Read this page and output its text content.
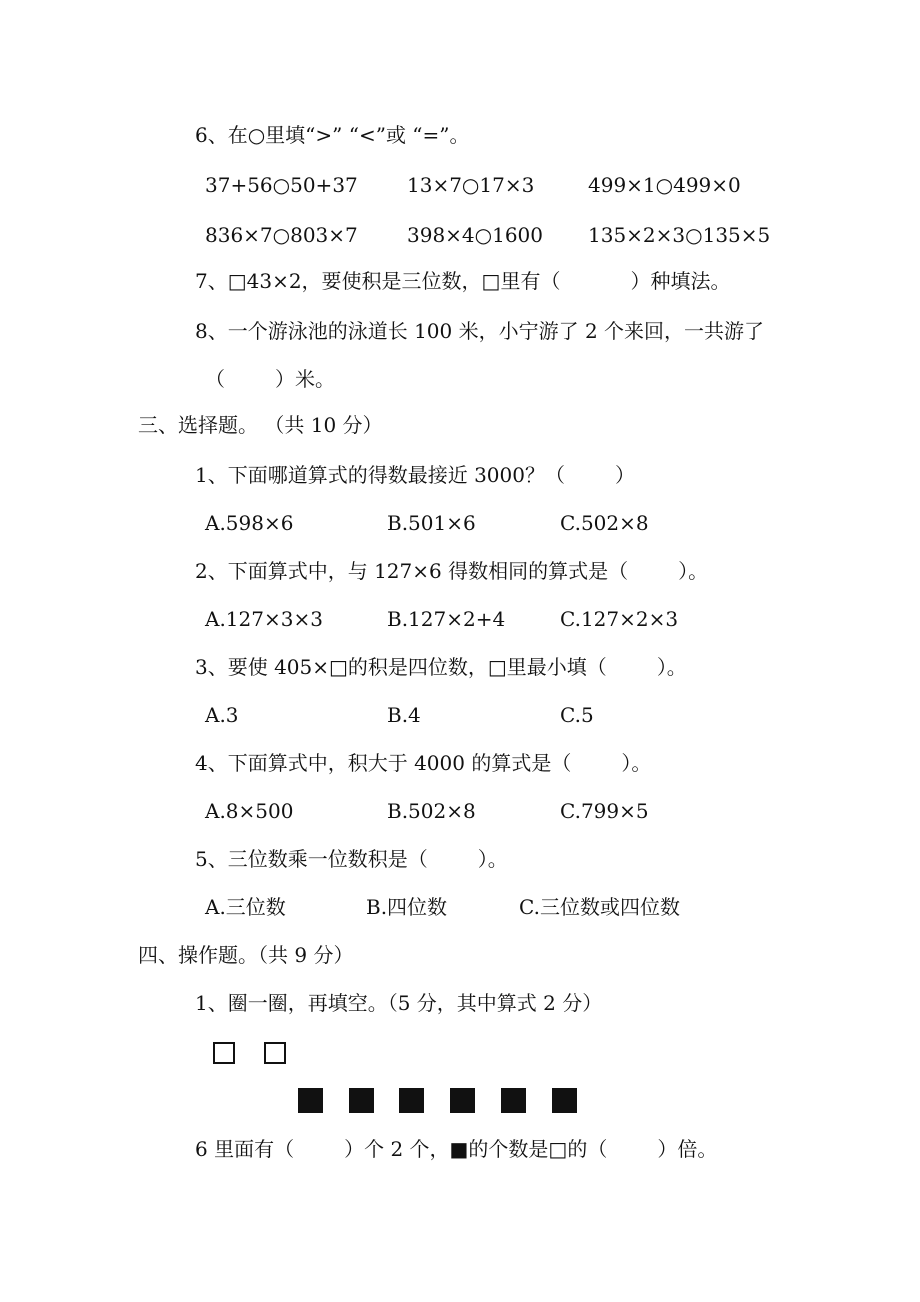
6、在○里填“>” “<”或 “=”。
37+56○50+37 13×7○17×3	499×1○499×0
836×7○803×7 398×4○1600 135×2×3○135×5
7、□43×2，要使积是三位数，□里有（	）种填法。
8、一个游泳池的泳道长 100 米，小宁游了 2 个来回，一共游了
（	）米。
三、选择题。 （共 10 分）
1、下面哪道算式的得数最接近 3000？（	）
A.598×6	B.501×6	C.502×8
2、下面算式中，与 127×6 得数相同的算式是（	）。
A.127×3×3	B.127×2+4	C.127×2×3
3、要使 405×□的积是四位数，□里最小填（	）。
A.3	B.4	C.5
4、下面算式中，积大于 4000 的算式是（	）。
A.8×500	B.502×8	C.799×5
5、三位数乘一位数积是（	）。
A.三位数	B.四位数	C.三位数或四位数
四、操作题。（共 9 分）
1、圈一圈，再填空。（5 分，其中算式 2 分）
6 里面有（	）个 2 个，■的个数是□的（	）倍。
